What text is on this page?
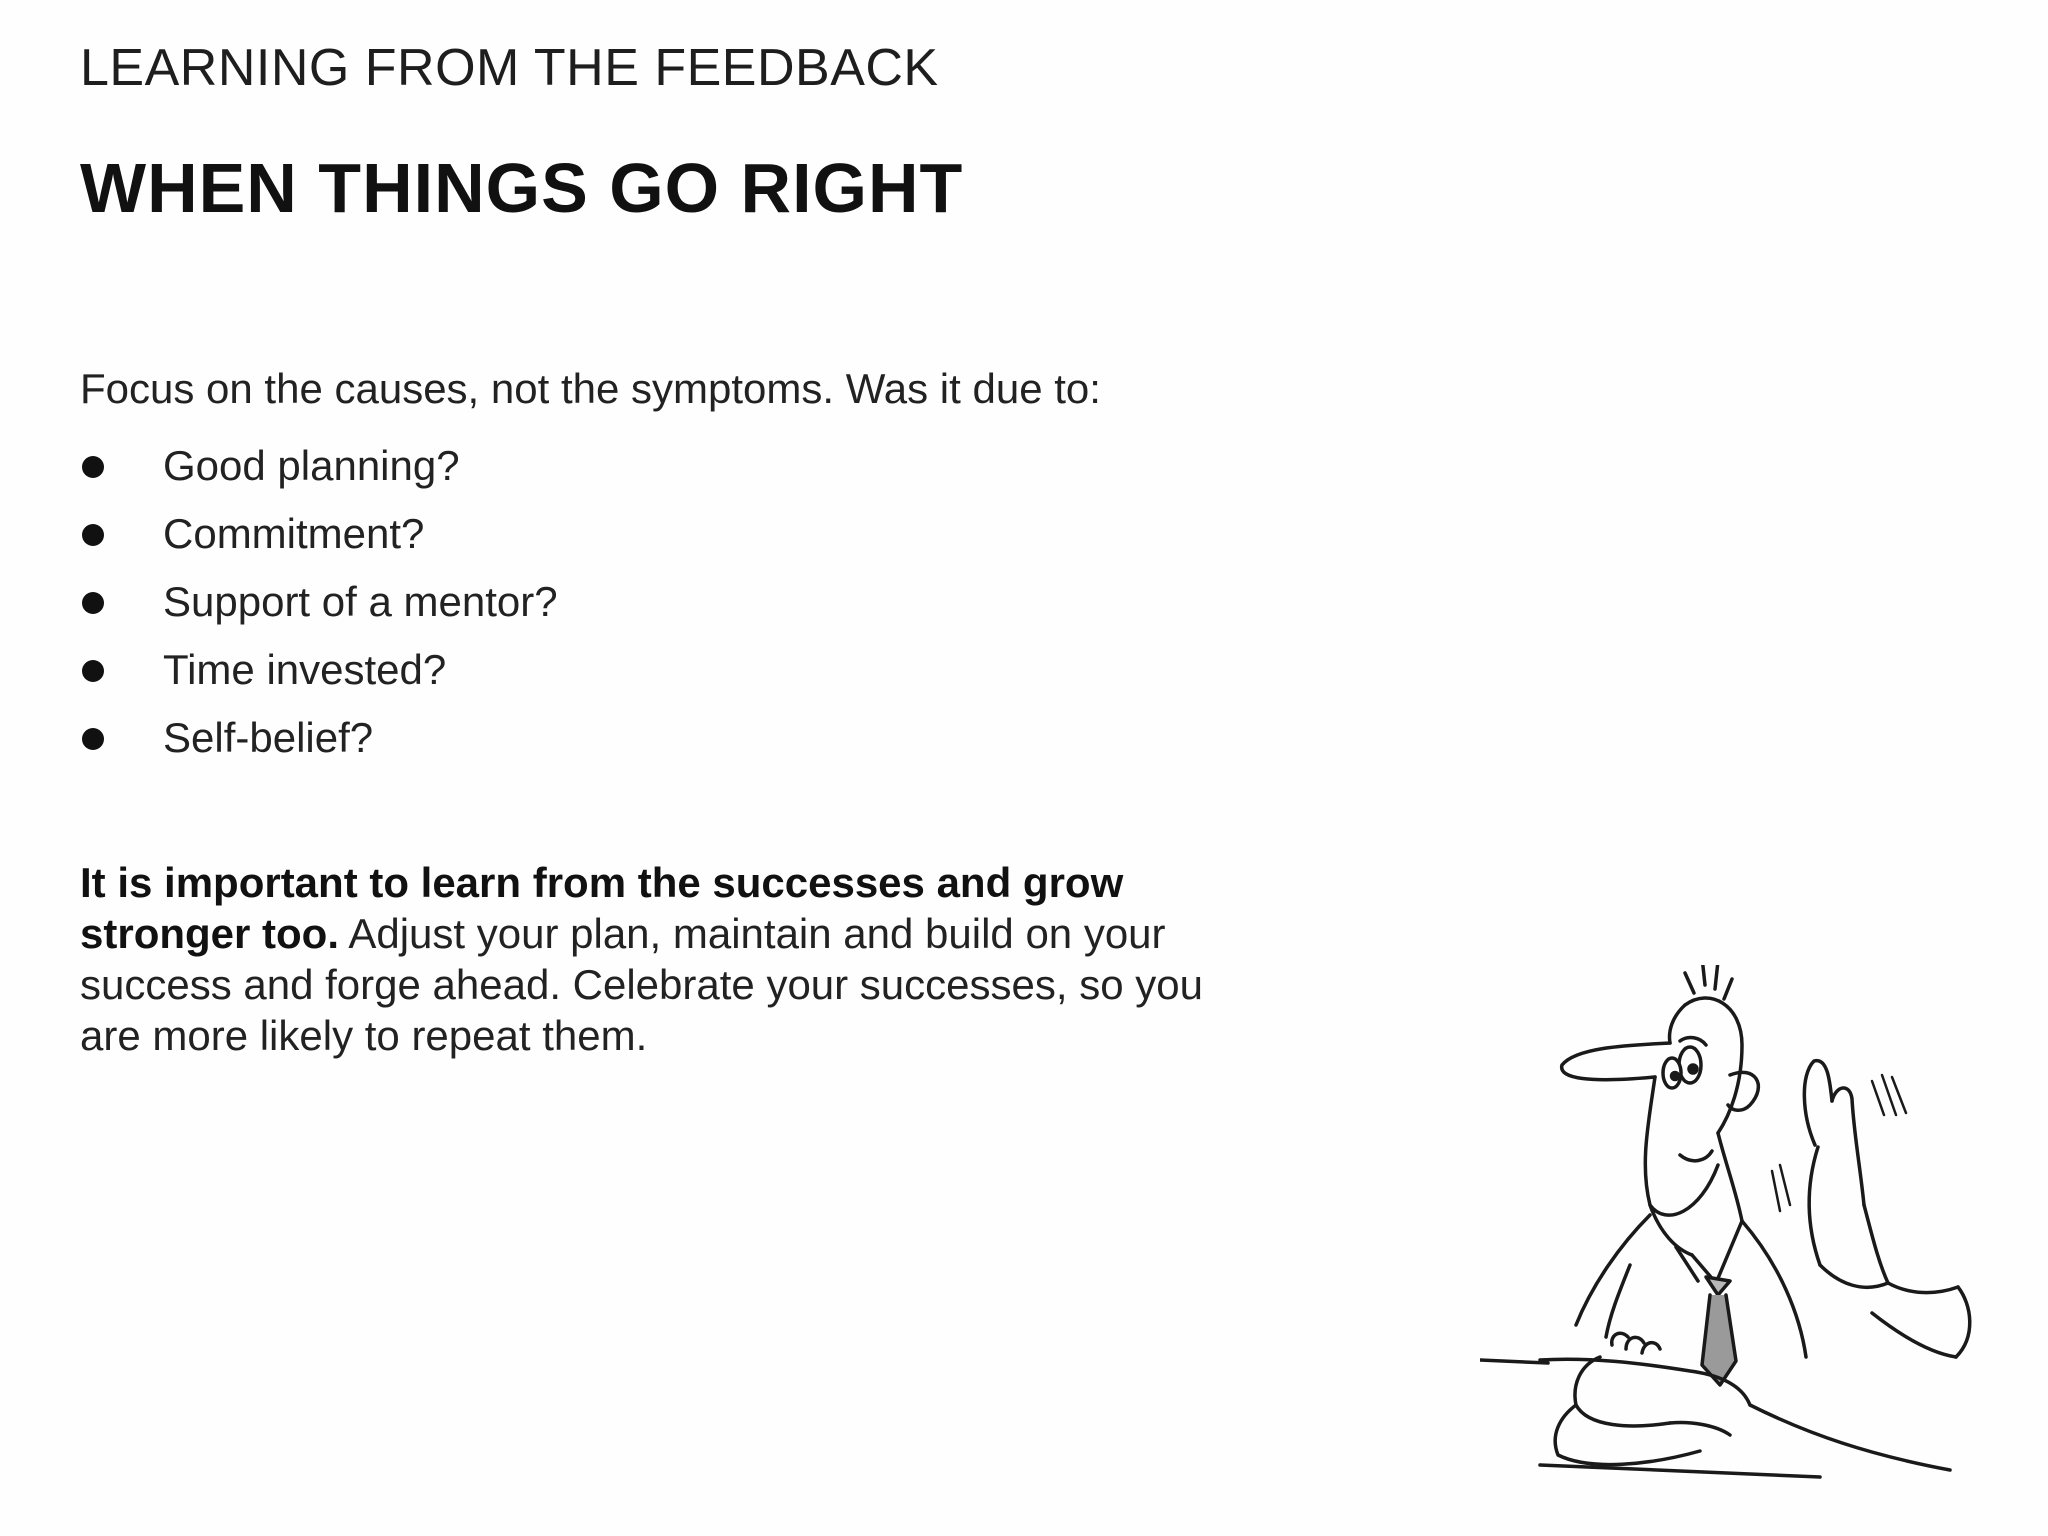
LEARNING FROM THE FEEDBACK
WHEN THINGS GO RIGHT
Focus on the causes, not the symptoms. Was it due to:
Good planning?
Commitment?
Support of a mentor?
Time invested?
Self-belief?

It is important to learn from the successes and grow stronger too. Adjust your plan, maintain and build on your success and forge ahead. Celebrate your successes, so you are more likely to repeat them.
